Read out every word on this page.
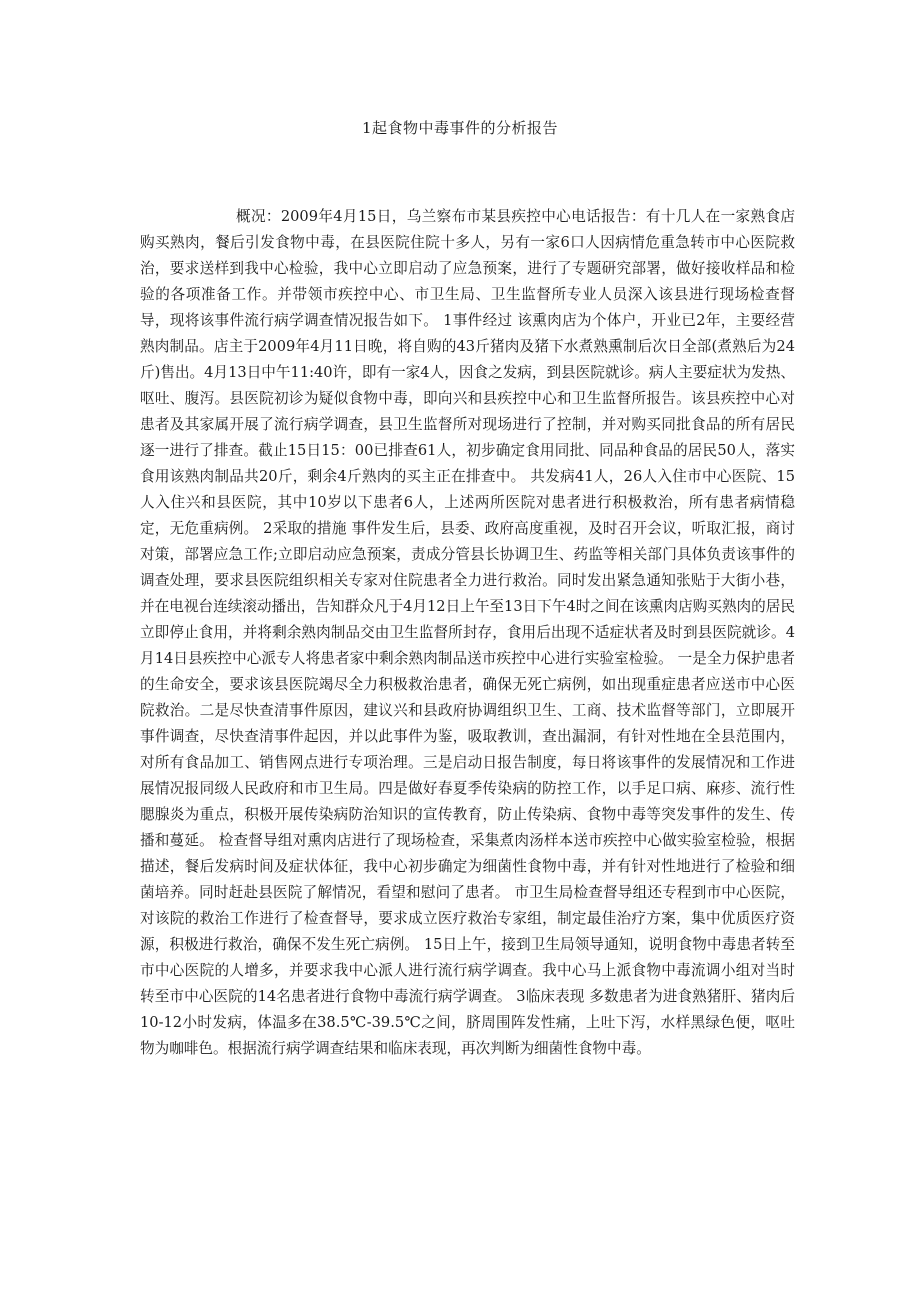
1起食物中毒事件的分析报告

概况：2009年4月15日，乌兰察布市某县疾控中心电话报告：有十几人在一家熟食店购买熟肉，餐后引发食物中毒，在县医院住院十多人，另有一家6口人因病情危重急转市中心医院救治，要求送样到我中心检验，我中心立即启动了应急预案，进行了专题研究部署，做好接收样品和检验的各项准备工作。并带领市疾控中心、市卫生局、卫生监督所专业人员深入该县进行现场检查督导，现将该事件流行病学调查情况报告如下。 1事件经过 该熏肉店为个体户，开业已2年，主要经营熟肉制品。店主于2009年4月11日晚，将自购的43斤猪肉及猪下水煮熟熏制后次日全部(煮熟后为24斤)售出。4月13日中午11:40许，即有一家4人，因食之发病，到县医院就诊。病人主要症状为发热、呕吐、腹泻。县医院初诊为疑似食物中毒，即向兴和县疾控中心和卫生监督所报告。该县疾控中心对患者及其家属开展了流行病学调查，县卫生监督所对现场进行了控制，并对购买同批食品的所有居民逐一进行了排查。截止15日15：00已排查61人，初步确定食用同批、同品种食品的居民50人，落实食用该熟肉制品共20斤，剩余4斤熟肉的买主正在排查中。 共发病41人，26人入住市中心医院、15人入住兴和县医院，其中10岁以下患者6人，上述两所医院对患者进行积极救治，所有患者病情稳定，无危重病例。 2采取的措施 事件发生后，县委、政府高度重视，及时召开会议，听取汇报，商讨对策，部署应急工作;立即启动应急预案，责成分管县长协调卫生、药监等相关部门具体负责该事件的调查处理，要求县医院组织相关专家对住院患者全力进行救治。同时发出紧急通知张贴于大街小巷，并在电视台连续滚动播出，告知群众凡于4月12日上午至13日下午4时之间在该熏肉店购买熟肉的居民立即停止食用，并将剩余熟肉制品交由卫生监督所封存，食用后出现不适症状者及时到县医院就诊。4月14日县疾控中心派专人将患者家中剩余熟肉制品送市疾控中心进行实验室检验。 一是全力保护患者的生命安全，要求该县医院竭尽全力积极救治患者，确保无死亡病例，如出现重症患者应送市中心医院救治。二是尽快查清事件原因，建议兴和县政府协调组织卫生、工商、技术监督等部门，立即展开事件调查，尽快查清事件起因，并以此事件为鉴，吸取教训，查出漏洞，有针对性地在全县范围内，对所有食品加工、销售网点进行专项治理。三是启动日报告制度，每日将该事件的发展情况和工作进展情况报同级人民政府和市卫生局。四是做好春夏季传染病的防控工作，以手足口病、麻疹、流行性腮腺炎为重点，积极开展传染病防治知识的宣传教育，防止传染病、食物中毒等突发事件的发生、传播和蔓延。 检查督导组对熏肉店进行了现场检查，采集煮肉汤样本送市疾控中心做实验室检验，根据描述，餐后发病时间及症状体征，我中心初步确定为细菌性食物中毒，并有针对性地进行了检验和细菌培养。同时赶赴县医院了解情况，看望和慰问了患者。 市卫生局检查督导组还专程到市中心医院，对该院的救治工作进行了检查督导，要求成立医疗救治专家组，制定最佳治疗方案，集中优质医疗资源，积极进行救治，确保不发生死亡病例。 15日上午，接到卫生局领导通知，说明食物中毒患者转至市中心医院的人增多，并要求我中心派人进行流行病学调查。我中心马上派食物中毒流调小组对当时转至市中心医院的14名患者进行食物中毒流行病学调查。 3临床表现 多数患者为进食熟猪肝、猪肉后10-12小时发病，体温多在38.5℃-39.5℃之间，脐周围阵发性痛，上吐下泻，水样黑绿色便，呕吐物为咖啡色。根据流行病学调查结果和临床表现，再次判断为细菌性食物中毒。
